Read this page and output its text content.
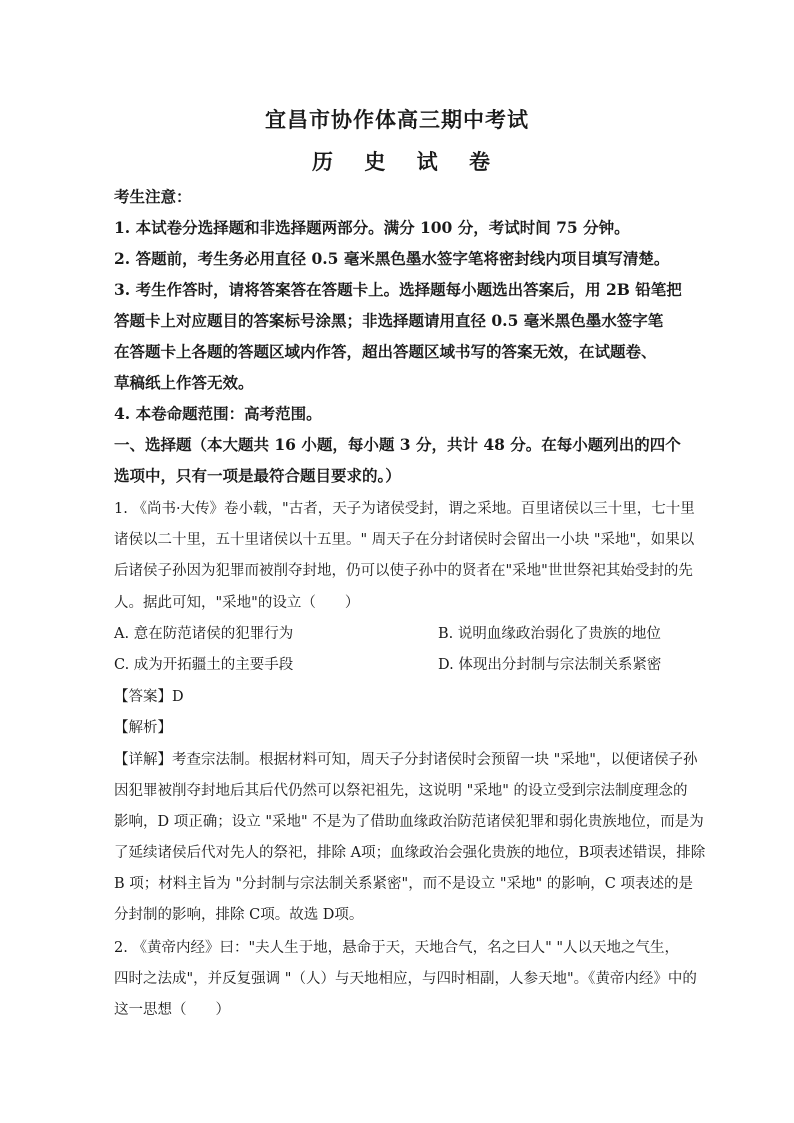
宜昌市协作体高三期中考试
历 史 试 卷
考生注意：
1. 本试卷分选择题和非选择题两部分。满分 100 分，考试时间 75 分钟。
2. 答题前，考生务必用直径 0.5 毫米黑色墨水签字笔将密封线内项目填写清楚。
3. 考生作答时，请将答案答在答题卡上。选择题每小题选出答案后，用 2B 铅笔把
答题卡上对应题目的答案标号涂黑；非选择题请用直径 0.5 毫米黑色墨水签字笔
在答题卡上各题的答题区域内作答，超出答题区域书写的答案无效，在试题卷、
草稿纸上作答无效。
4. 本卷命题范围：高考范围。
一、选择题（本大题共 16 小题，每小题 3 分，共计 48 分。在每小题列出的四个
选项中，只有一项是最符合题目要求的。）
1. 《尚书·大传》卷小载，"古者，天子为诸侯受封，谓之采地。百里诸侯以三十里，七十里
诸侯以二十里，五十里诸侯以十五里。" 周天子在分封诸侯时会留出一小块 "采地"，如果以
后诸侯子孙因为犯罪而被削夺封地，仍可以使子孙中的贤者在"采地"世世祭祀其始受封的先
人。据此可知，"采地"的设立（　　）
A. 意在防范诸侯的犯罪行为	B. 说明血缘政治弱化了贵族的地位
C. 成为开拓疆土的主要手段	D. 体现出分封制与宗法制关系紧密
【答案】D
【解析】
【详解】考查宗法制。根据材料可知，周天子分封诸侯时会预留一块 "采地"，以便诸侯子孙
因犯罪被削夺封地后其后代仍然可以祭祀祖先，这说明 "采地" 的设立受到宗法制度理念的
影响，D 项正确；设立 "采地" 不是为了借助血缘政治防范诸侯犯罪和弱化贵族地位，而是为
了延续诸侯后代对先人的祭祀，排除 A项；血缘政治会强化贵族的地位，B项表述错误，排除
B 项；材料主旨为 "分封制与宗法制关系紧密"，而不是设立 "采地" 的影响，C 项表述的是
分封制的影响，排除 C项。故选 D项。
2. 《黄帝内经》曰："夫人生于地，悬命于天，天地合气，名之曰人" "人以天地之气生，
四时之法成"，并反复强调 "（人）与天地相应，与四时相副，人参天地"。《黄帝内经》中的
这一思想（　　）
